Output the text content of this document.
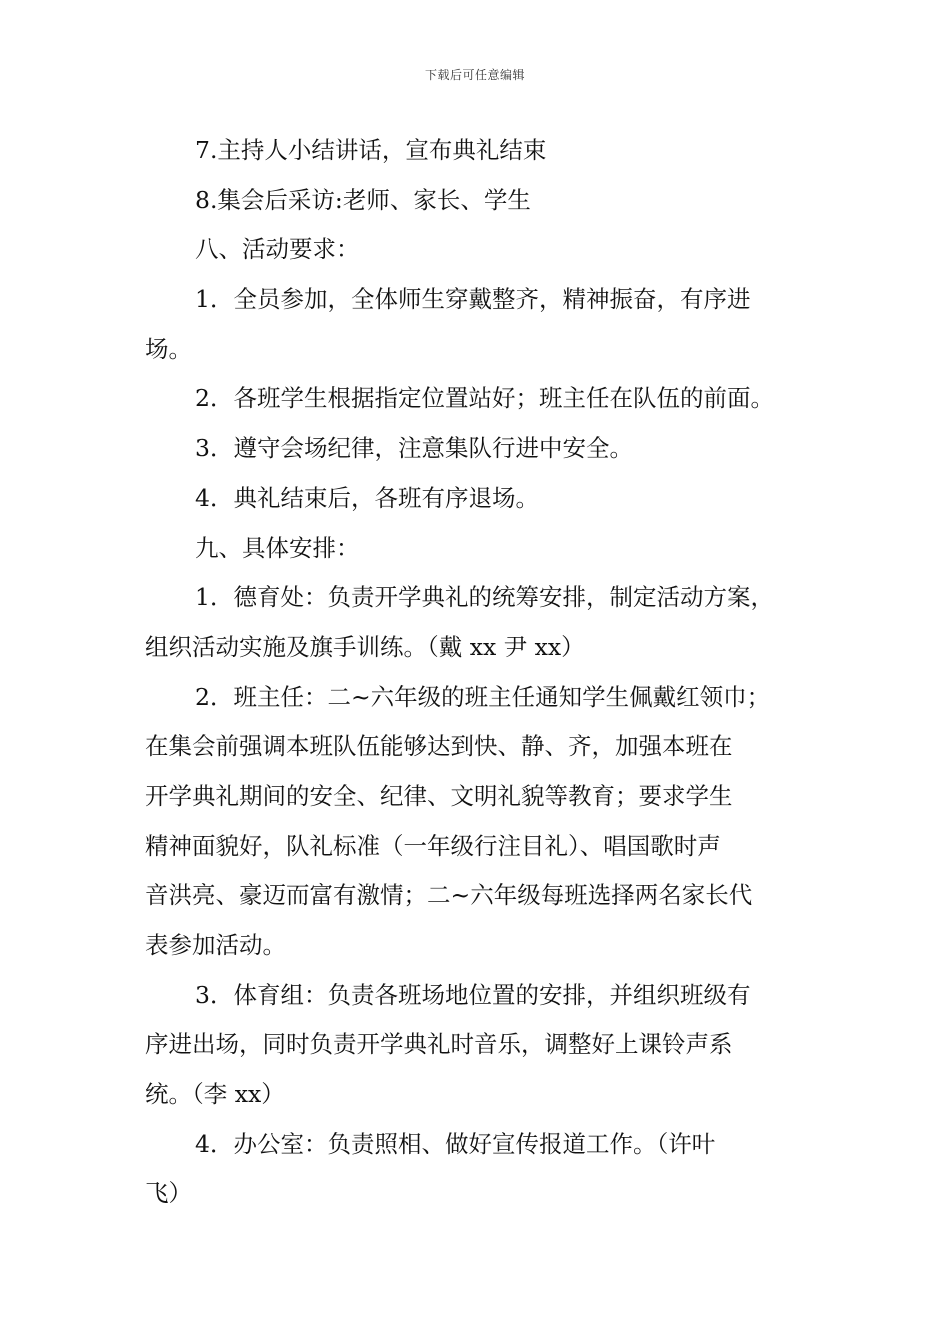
下载后可任意编辑
7.主持人小结讲话，宣布典礼结束
8.集会后采访:老师、家长、学生
八、活动要求：
1．全员参加，全体师生穿戴整齐，精神振奋，有序进
场。
2．各班学生根据指定位置站好；班主任在队伍的前面。
3．遵守会场纪律，注意集队行进中安全。
4．典礼结束后，各班有序退场。
九、具体安排：
1．德育处：负责开学典礼的统筹安排，制定活动方案，
组织活动实施及旗手训练。（戴 xx 尹 xx）
2．班主任：二~六年级的班主任通知学生佩戴红领巾；
在集会前强调本班队伍能够达到快、静、齐，加强本班在
开学典礼期间的安全、纪律、文明礼貌等教育；要求学生
精神面貌好，队礼标准（一年级行注目礼）、唱国歌时声
音洪亮、豪迈而富有激情；二~六年级每班选择两名家长代
表参加活动。
3．体育组：负责各班场地位置的安排，并组织班级有
序进出场，同时负责开学典礼时音乐，调整好上课铃声系
统。（李 xx）
4．办公室：负责照相、做好宣传报道工作。（许叶
飞）
